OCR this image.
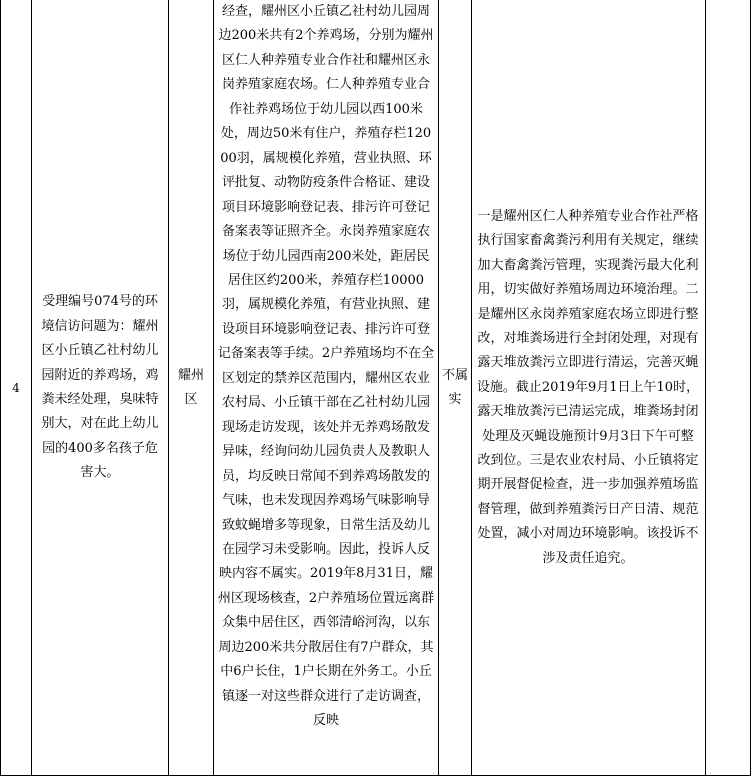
4
受理编号074号的环境信访问题为：耀州区小丘镇乙社村幼儿园附近的养鸡场，鸡粪未经处理，臭味特别大，对在此上幼儿园的400多名孩子危害大。
耀州区
经查，耀州区小丘镇乙社村幼儿园周边200米共有2个养鸡场，分别为耀州区仁人种养殖专业合作社和耀州区永岗养殖家庭农场。仁人种养殖专业合作社养鸡场位于幼儿园以西100米处，周边50米有住户，养殖存栏12000羽，属规模化养殖，营业执照、环评批复、动物防疫条件合格证、建设项目环境影响登记表、排污许可登记备案表等证照齐全。永岗养殖家庭农场位于幼儿园西南200米处，距居民居住区约200米，养殖存栏10000羽，属规模化养殖，有营业执照、建设项目环境影响登记表、排污许可登记备案表等手续。2户养殖场均不在全区划定的禁养区范围内，耀州区农业农村局、小丘镇干部在乙社村幼儿园现场走访发现，该处并无养鸡场散发异味，经询问幼儿园负责人及教职人员，均反映日常闻不到养鸡场散发的气味，也未发现因养鸡场气味影响导致蚊蝇增多等现象，日常生活及幼儿在园学习未受影响。因此，投诉人反映内容不属实。2019年8月31日，耀州区现场核查，2户养殖场位置远离群众集中居住区，西邻清峪河沟，以东周边200米共分散居住有7户群众，其中6户长住，1户长期在外务工。小丘镇逐一对这些群众进行了走访调查，反映
不属实
一是耀州区仁人种养殖专业合作社严格执行国家畜禽粪污利用有关规定，继续加大畜禽粪污管理，实现粪污最大化利用，切实做好养殖场周边环境治理。二是耀州区永岗养殖家庭农场立即进行整改，对堆粪场进行全封闭处理，对现有露天堆放粪污立即进行清运，完善灭蝇设施。截止2019年9月1日上午10时，露天堆放粪污已清运完成，堆粪场封闭处理及灭蝇设施预计9月3日下午可整改到位。三是农业农村局、小丘镇将定期开展督促检查，进一步加强养殖场监督管理，做到养殖粪污日产日清、规范处置，减小对周边环境影响。该投诉不涉及责任追究。
